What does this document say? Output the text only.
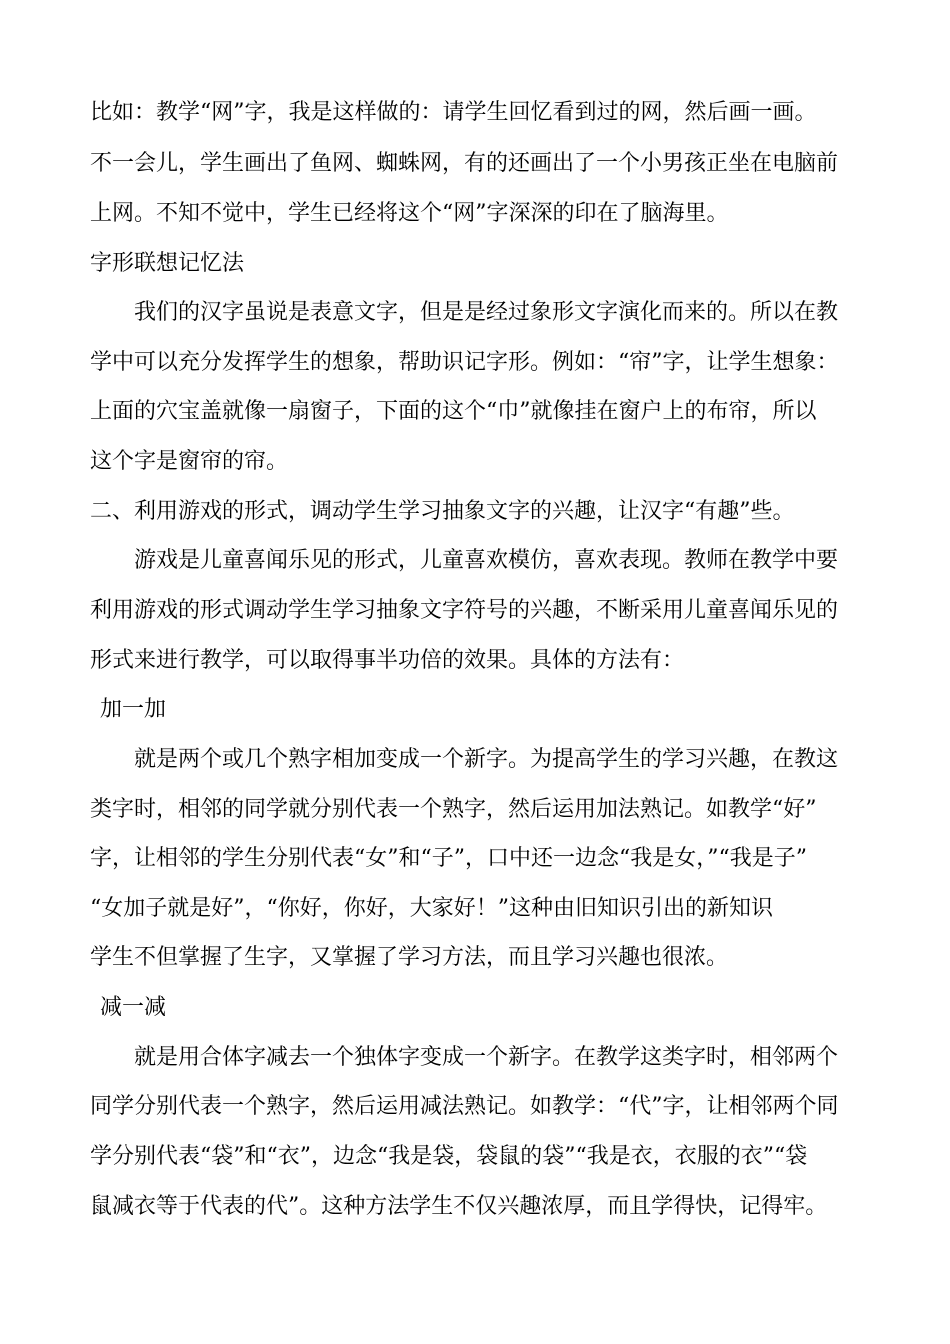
比如：教学“网”字，我是这样做的：请学生回忆看到过的网，然后画一画。
不一会儿，学生画出了鱼网、蜘蛛网，有的还画出了一个小男孩正坐在电脑前
上网。不知不觉中，学生已经将这个“网”字深深的印在了脑海里。
字形联想记忆法
我们的汉字虽说是表意文字，但是是经过象形文字演化而来的。所以在教
学中可以充分发挥学生的想象，帮助识记字形。例如：“帘”字，让学生想象：
上面的穴宝盖就像一扇窗子，下面的这个“巾”就像挂在窗户上的布帘，所以
这个字是窗帘的帘。
二、利用游戏的形式，调动学生学习抽象文字的兴趣，让汉字“有趣”些。
游戏是儿童喜闻乐见的形式，儿童喜欢模仿，喜欢表现。教师在教学中要
利用游戏的形式调动学生学习抽象文字符号的兴趣，不断采用儿童喜闻乐见的
形式来进行教学，可以取得事半功倍的效果。具体的方法有：
加一加
就是两个或几个熟字相加变成一个新字。为提高学生的学习兴趣，在教这
类字时，相邻的同学就分别代表一个熟字，然后运用加法熟记。如教学“好”
字，让相邻的学生分别代表“女”和“子”，口中还一边念“我是女，”“我是子”
“女加子就是好”，“你好，你好，大家好！”这种由旧知识引出的新知识
学生不但掌握了生字，又掌握了学习方法，而且学习兴趣也很浓。
减一减
就是用合体字减去一个独体字变成一个新字。在教学这类字时，相邻两个
同学分别代表一个熟字，然后运用减法熟记。如教学：“代”字，让相邻两个同
学分别代表“袋”和“衣”，边念“我是袋，袋鼠的袋”“我是衣，衣服的衣”“袋
鼠减衣等于代表的代”。这种方法学生不仅兴趣浓厚，而且学得快，记得牢。
